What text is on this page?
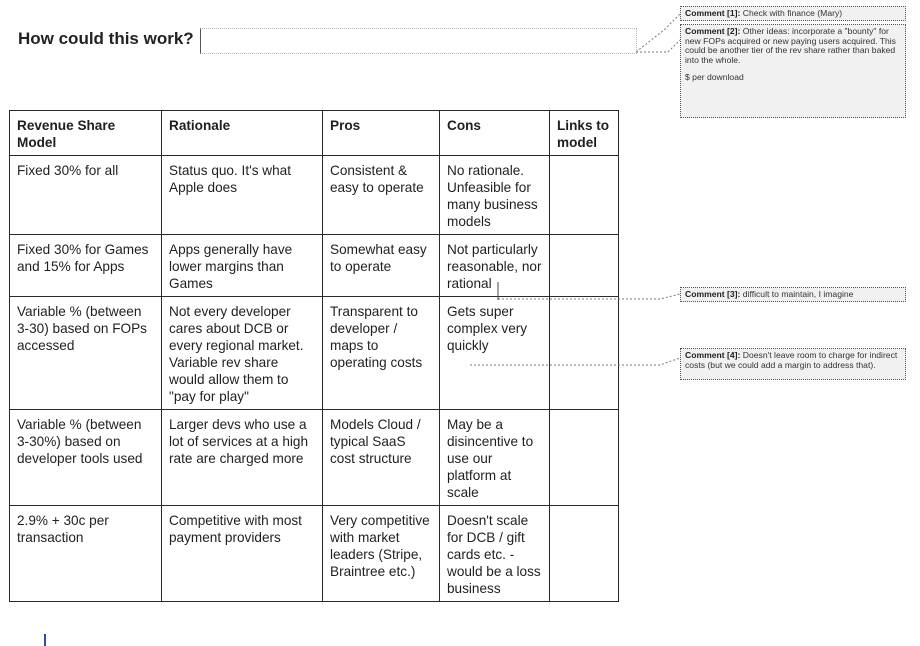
How could this work?
Revenue Share Model	Rationale	Pros	Cons	Links to model
Fixed 30% for all	Status quo. It's what Apple does	Consistent & easy to operate	No rationale. Unfeasible for many business models	
Fixed 30% for Games and 15% for Apps	Apps generally have lower margins than Games	Somewhat easy to operate	Not particularly reasonable, nor rational	
Variable % (between 3-30) based on FOPs accessed	Not every developer cares about DCB or every regional market. Variable rev share would allow them to "pay for play"	Transparent to developer / maps to operating costs	Gets super complex very quickly	
Variable % (between 3-30%) based on developer tools used	Larger devs who use a lot of services at a high rate are charged more	Models Cloud / typical SaaS cost structure	May be a disincentive to use our platform at scale	
2.9% + 30c per transaction	Competitive with most payment providers	Very competitive with market leaders (Stripe, Braintree etc.)	Doesn't scale for DCB / gift cards etc. - would be a loss business	
Comment [1]: Check with finance (Mary)
Comment [2]: Other ideas: incorporate a "bounty" for new FOPs acquired or new paying users acquired. This could be another tier of the rev share rather than baked into the whole.
$ per download
Comment [3]: difficult to maintain, I imagine
Comment [4]: Doesn't leave room to charge for indirect costs (but we could add a margin to address that).
